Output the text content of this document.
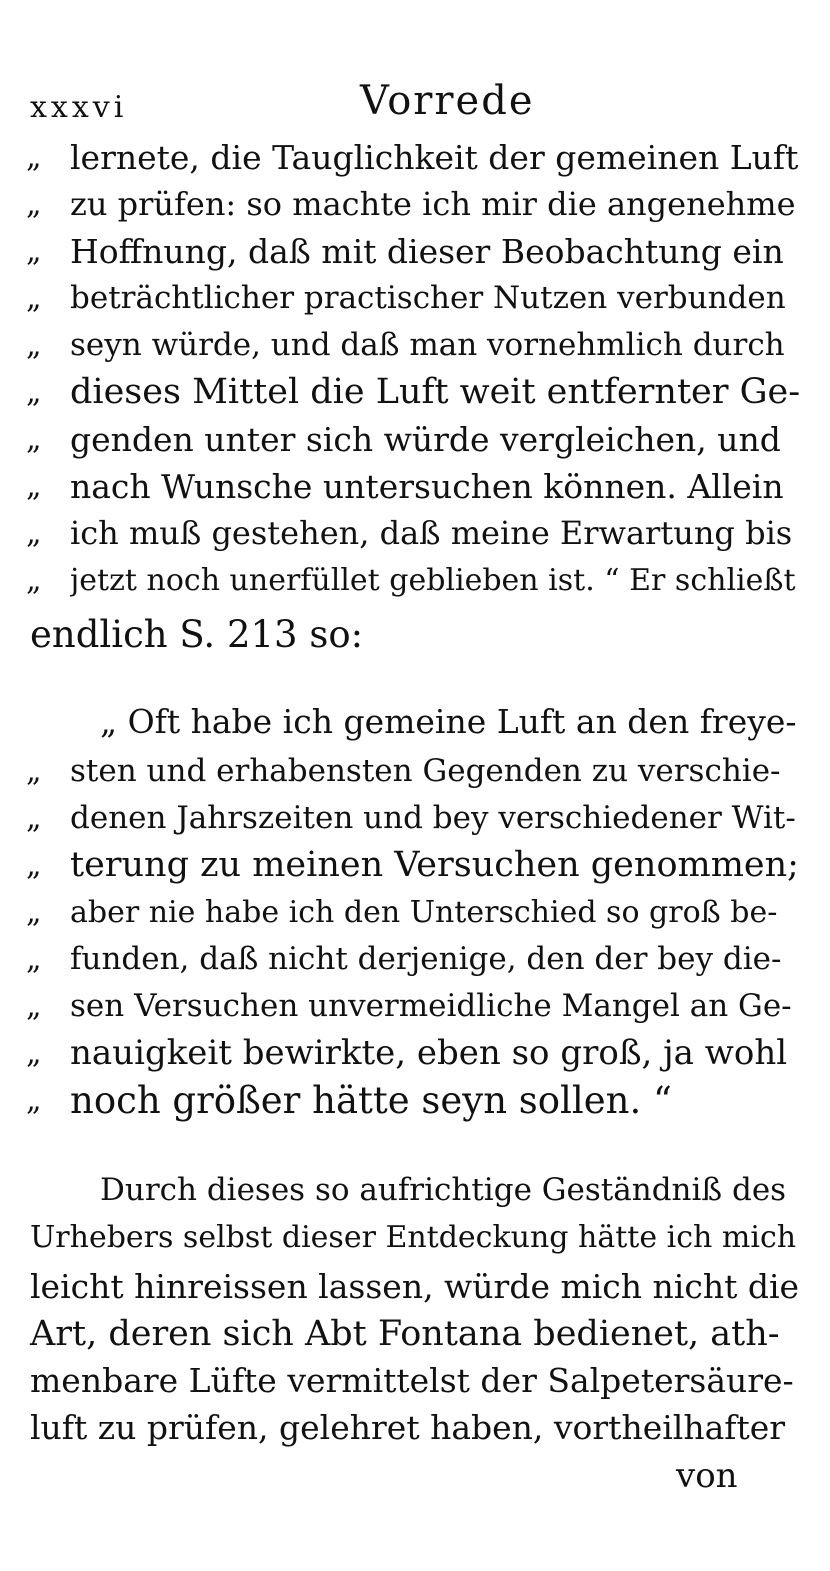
xxxvi	Vorrede
„ lernete, die Tauglichkeit der gemeinen Luft
„ zu prüfen: so machte ich mir die angenehme
„ Hoffnung, daß mit dieser Beobachtung ein
„ beträchtlicher practischer Nutzen verbunden
„ seyn würde, und daß man vornehmlich durch
„ dieses Mittel die Luft weit entfernter Ge-
„ genden unter sich würde vergleichen, und
„ nach Wunsche untersuchen können. Allein
„ ich muß gestehen, daß meine Erwartung bis
„ jetzt noch unerfüllet geblieben ist. “ Er schließt
endlich S. 213 so:
„ Oft habe ich gemeine Luft an den freye-
„ sten und erhabensten Gegenden zu verschie-
„ denen Jahrszeiten und bey verschiedener Wit-
„ terung zu meinen Versuchen genommen;
„ aber nie habe ich den Unterschied so groß be-
„ funden, daß nicht derjenige, den der bey die-
„ sen Versuchen unvermeidliche Mangel an Ge-
„ nauigkeit bewirkte, eben so groß, ja wohl
„ noch größer hätte seyn sollen. “
Durch dieses so aufrichtige Geständniß des
Urhebers selbst dieser Entdeckung hätte ich mich
leicht hinreissen lassen, würde mich nicht die
Art, deren sich Abt Fontana bedienet, ath-
menbare Lüfte vermittelst der Salpetersäure-
luft zu prüfen, gelehret haben, vortheilhafter
von
